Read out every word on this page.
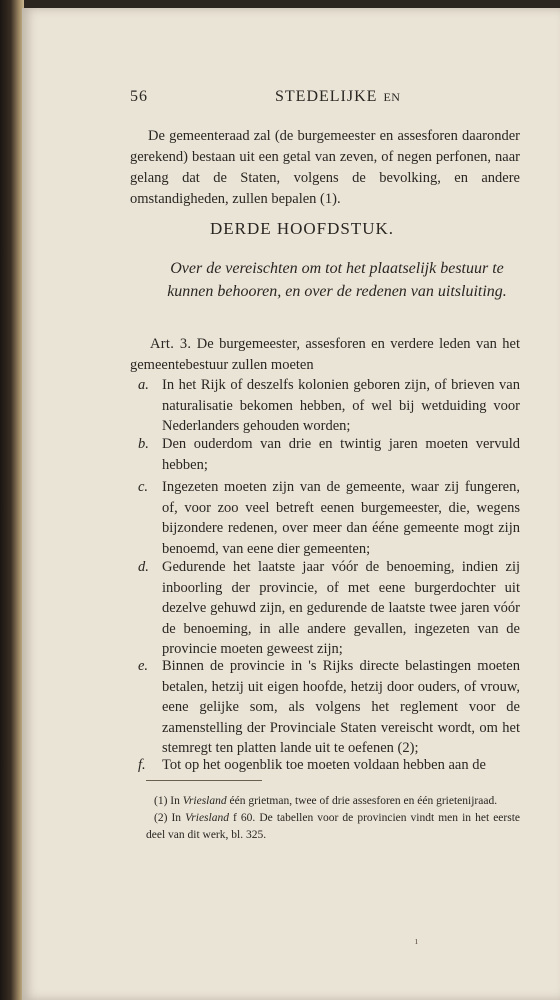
56	STEDELIJKE EN
De gemeenteraad zal (de burgemeester en assesforen daaronder gerekend) bestaan uit een getal van zeven, of negen perfonen, naar gelang dat de Staten, volgens de bevolking, en andere omstandigheden, zullen bepalen (1).
DERDE HOOFDSTUK.
Over de vereischten om tot het plaatselijk bestuur te kunnen behooren, en over de redenen van uitsluiting.
Art. 3. De burgemeester, assesforen en verdere leden van het gemeentebestuur zullen moeten
a. In het Rijk of deszelfs kolonien geboren zijn, of brieven van naturalisatie bekomen hebben, of wel bij wetduiding voor Nederlanders gehouden worden;
b. Den ouderdom van drie en twintig jaren moeten vervuld hebben;
c. Ingezeten moeten zijn van de gemeente, waar zij fungeren, of, voor zoo veel betreft eenen burgemeester, die, wegens bijzondere redenen, over meer dan ééne gemeente mogt zijn benoemd, van eene dier gemeenten;
d. Gedurende het laatste jaar vóór de benoeming, indien zij inboorling der provincie, of met eene burgerdochter uit dezelve gehuwd zijn, en gedurende de laatste twee jaren vóór de benoeming, in alle andere gevallen, ingezeten van de provincie moeten geweest zijn;
e. Binnen de provincie in 's Rijks directe belastingen moeten betalen, hetzij uit eigen hoofde, hetzij door ouders, of vrouw, eene gelijke som, als volgens het reglement voor de zamenstelling der Provinciale Staten vereischt wordt, om het stemregt ten platten lande uit te oefenen (2);
f. Tot op het oogenblik toe moeten voldaan hebben aan de
(1) In Vriesland één grietman, twee of drie assesforen en één grietenijraad.
(2) In Vriesland f 60. De tabellen voor de provincien vindt men in het eerste deel van dit werk, bl. 325.
ı
